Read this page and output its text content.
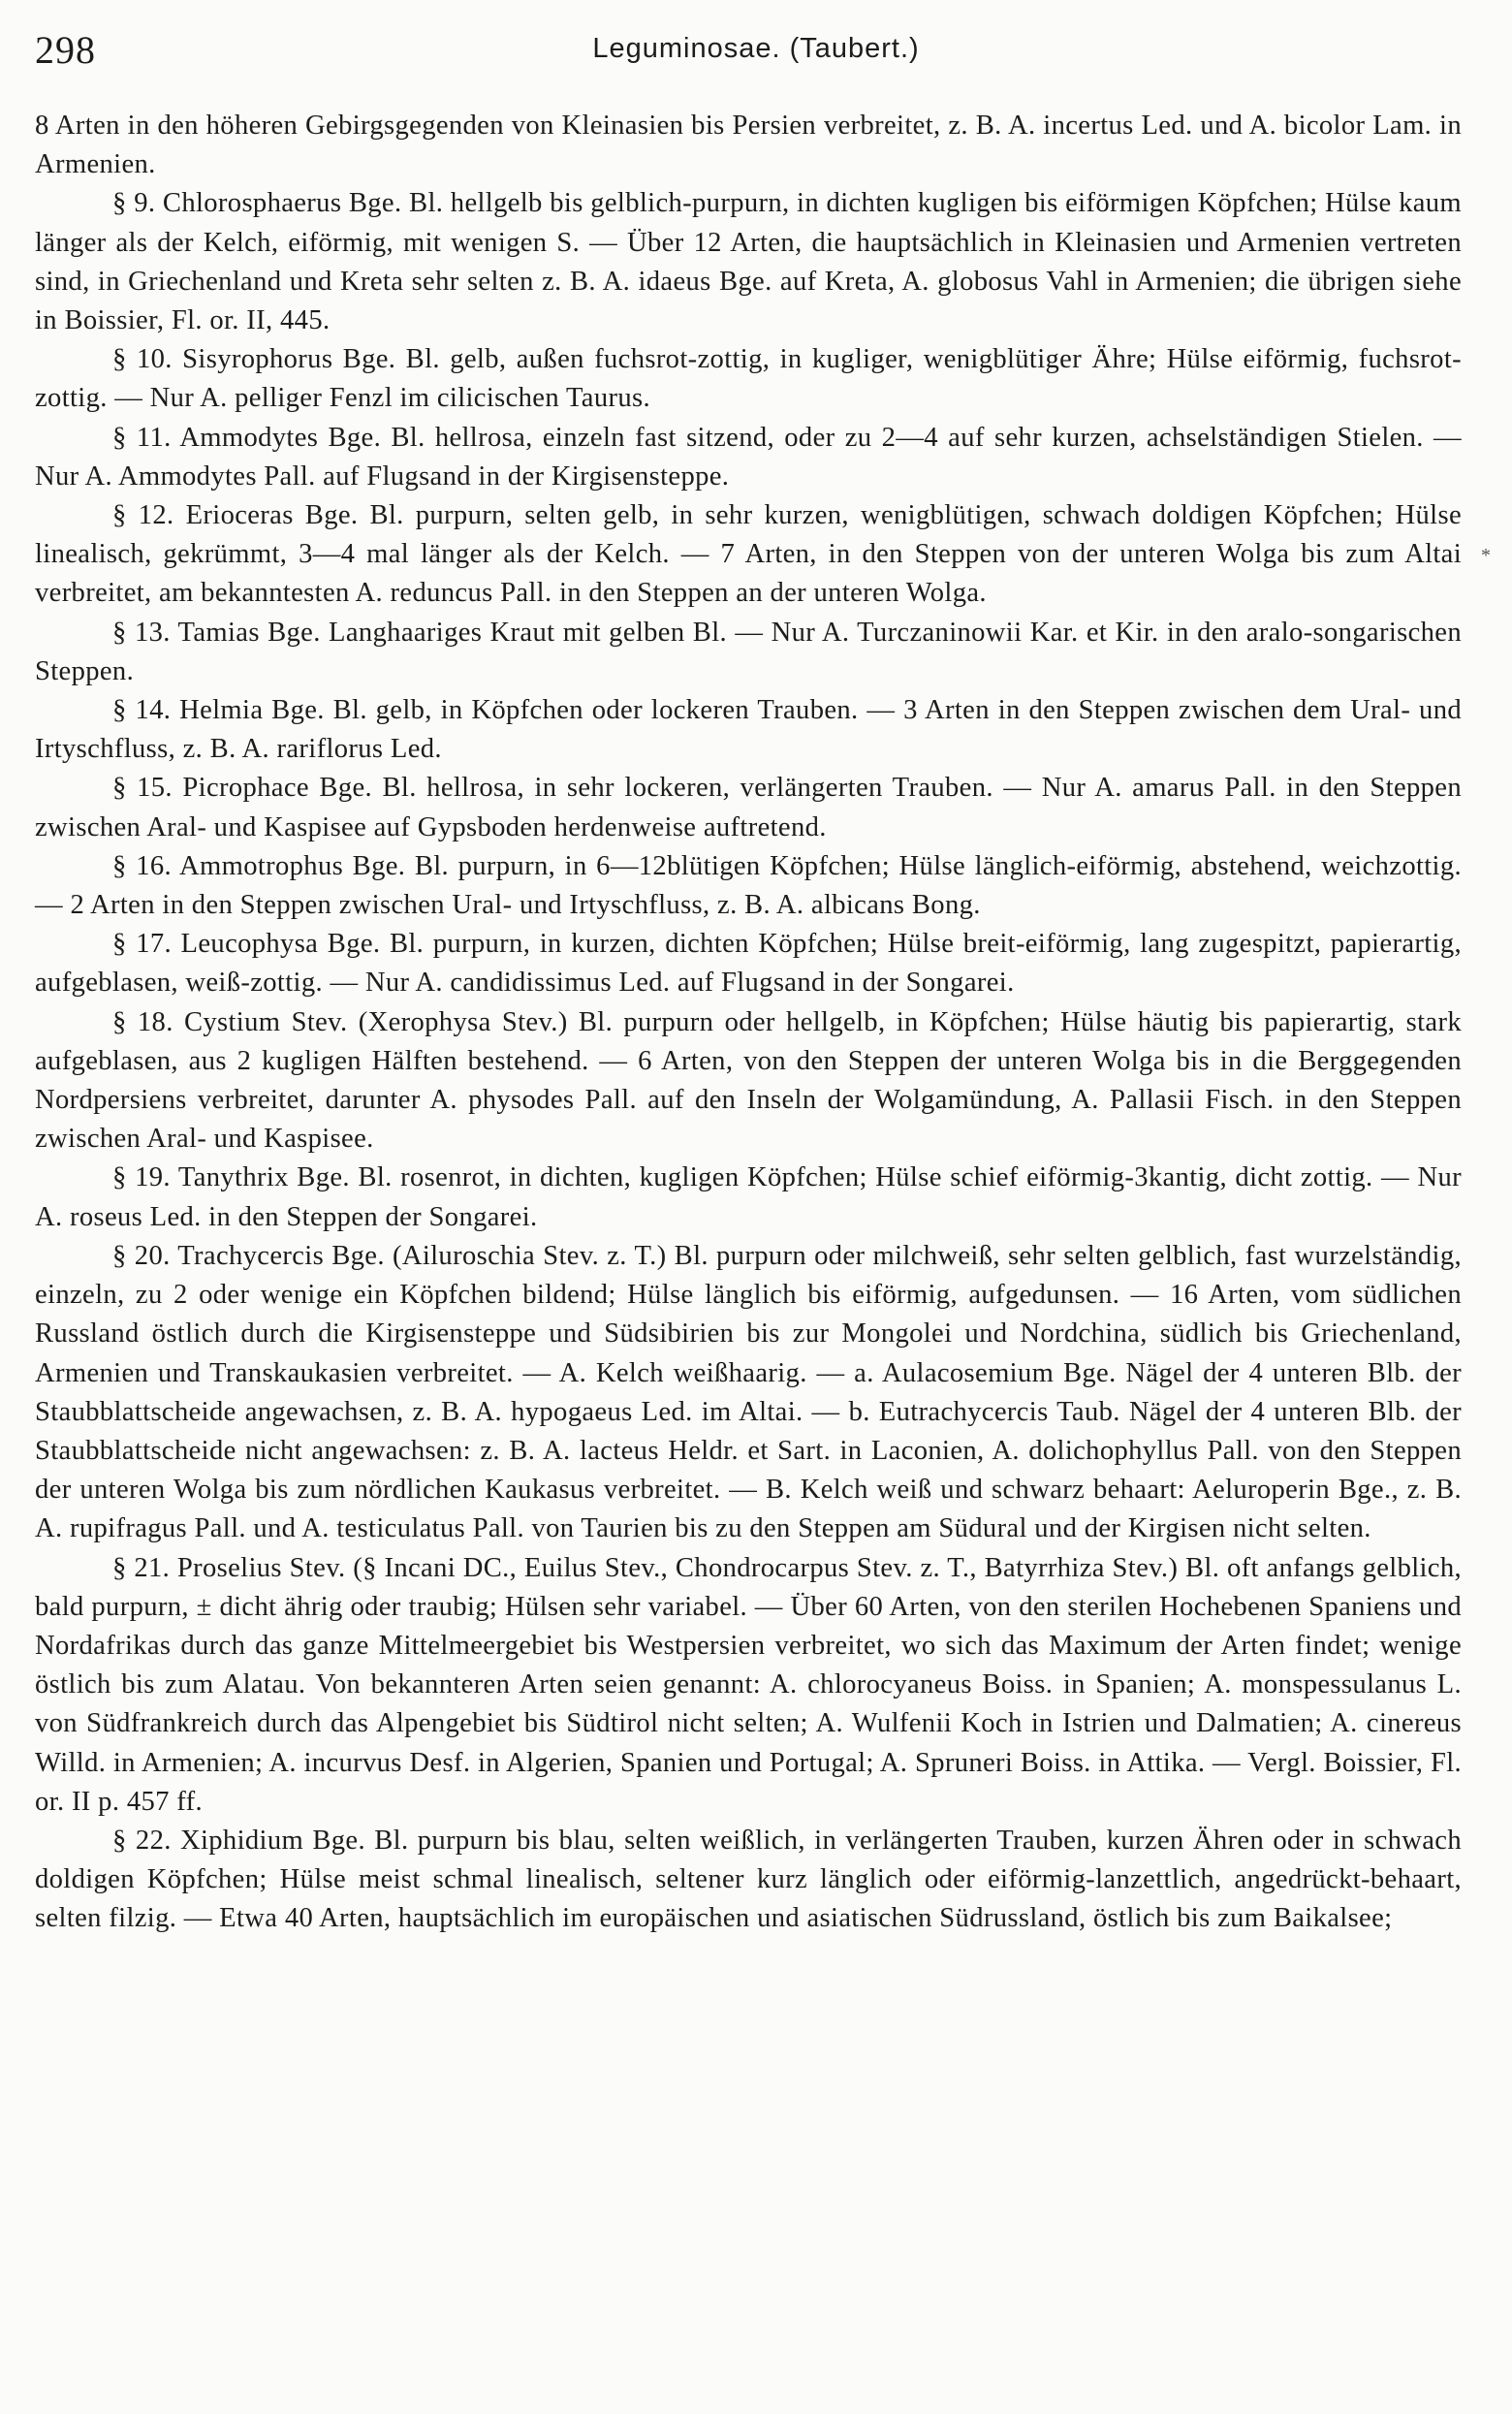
298	Leguminosae. (Taubert.)
*

8 Arten in den höheren Gebirgsgegenden von Kleinasien bis Persien verbreitet, z. B. A. incertus Led. und A. bicolor Lam. in Armenien.

§ 9. Chlorosphaerus Bge. Bl. hellgelb bis gelblich-purpurn, in dichten kugligen bis eiförmigen Köpfchen; Hülse kaum länger als der Kelch, eiförmig, mit wenigen S. — Über 12 Arten, die hauptsächlich in Kleinasien und Armenien vertreten sind, in Griechenland und Kreta sehr selten z. B. A. idaeus Bge. auf Kreta, A. globosus Vahl in Armenien; die übrigen siehe in Boissier, Fl. or. II, 445.

§ 10. Sisyrophorus Bge. Bl. gelb, außen fuchsrot-zottig, in kugliger, wenigblütiger Ähre; Hülse eiförmig, fuchsrot-zottig. — Nur A. pelliger Fenzl im cilicischen Taurus.

§ 11. Ammodytes Bge. Bl. hellrosa, einzeln fast sitzend, oder zu 2—4 auf sehr kurzen, achselständigen Stielen. — Nur A. Ammodytes Pall. auf Flugsand in der Kirgisensteppe.

§ 12. Erioceras Bge. Bl. purpurn, selten gelb, in sehr kurzen, wenigblütigen, schwach doldigen Köpfchen; Hülse linealisch, gekrümmt, 3—4 mal länger als der Kelch. — 7 Arten, in den Steppen von der unteren Wolga bis zum Altai verbreitet, am bekanntesten A. reduncus Pall. in den Steppen an der unteren Wolga.

§ 13. Tamias Bge. Langhaariges Kraut mit gelben Bl. — Nur A. Turczaninowii Kar. et Kir. in den aralo-songarischen Steppen.

§ 14. Helmia Bge. Bl. gelb, in Köpfchen oder lockeren Trauben. — 3 Arten in den Steppen zwischen dem Ural- und Irtyschfluss, z. B. A. rariflorus Led.

§ 15. Picrophace Bge. Bl. hellrosa, in sehr lockeren, verlängerten Trauben. — Nur A. amarus Pall. in den Steppen zwischen Aral- und Kaspisee auf Gypsboden herdenweise auftretend.

§ 16. Ammotrophus Bge. Bl. purpurn, in 6—12blütigen Köpfchen; Hülse länglich-eiförmig, abstehend, weichzottig. — 2 Arten in den Steppen zwischen Ural- und Irtyschfluss, z. B. A. albicans Bong.

§ 17. Leucophysa Bge. Bl. purpurn, in kurzen, dichten Köpfchen; Hülse breit-eiförmig, lang zugespitzt, papierartig, aufgeblasen, weiß-zottig. — Nur A. candidissimus Led. auf Flugsand in der Songarei.

§ 18. Cystium Stev. (Xerophysa Stev.) Bl. purpurn oder hellgelb, in Köpfchen; Hülse häutig bis papierartig, stark aufgeblasen, aus 2 kugligen Hälften bestehend. — 6 Arten, von den Steppen der unteren Wolga bis in die Berggegenden Nordpersiens verbreitet, darunter A. physodes Pall. auf den Inseln der Wolgamündung, A. Pallasii Fisch. in den Steppen zwischen Aral- und Kaspisee.

§ 19. Tanythrix Bge. Bl. rosenrot, in dichten, kugligen Köpfchen; Hülse schief eiförmig-3kantig, dicht zottig. — Nur A. roseus Led. in den Steppen der Songarei.

§ 20. Trachycercis Bge. (Ailuroschia Stev. z. T.) Bl. purpurn oder milchweiß, sehr selten gelblich, fast wurzelständig, einzeln, zu 2 oder wenige ein Köpfchen bildend; Hülse länglich bis eiförmig, aufgedunsen. — 16 Arten, vom südlichen Russland östlich durch die Kirgisensteppe und Südsibirien bis zur Mongolei und Nordchina, südlich bis Griechenland, Armenien und Transkaukasien verbreitet. — A. Kelch weißhaarig. — a. Aulacosemium Bge. Nägel der 4 unteren Blb. der Staubblattscheide angewachsen, z. B. A. hypogaeus Led. im Altai. — b. Eutrachycercis Taub. Nägel der 4 unteren Blb. der Staubblattscheide nicht angewachsen: z. B. A. lacteus Heldr. et Sart. in Laconien, A. dolichophyllus Pall. von den Steppen der unteren Wolga bis zum nördlichen Kaukasus verbreitet. — B. Kelch weiß und schwarz behaart: Aeluroperin Bge., z. B. A. rupifragus Pall. und A. testiculatus Pall. von Taurien bis zu den Steppen am Südural und der Kirgisen nicht selten.

§ 21. Proselius Stev. (§ Incani DC., Euilus Stev., Chondrocarpus Stev. z. T., Batyrrhiza Stev.) Bl. oft anfangs gelblich, bald purpurn, ± dicht ährig oder traubig; Hülsen sehr variabel. — Über 60 Arten, von den sterilen Hochebenen Spaniens und Nordafrikas durch das ganze Mittelmeergebiet bis Westpersien verbreitet, wo sich das Maximum der Arten findet; wenige östlich bis zum Alatau. Von bekannteren Arten seien genannt: A. chlorocyaneus Boiss. in Spanien; A. monspessulanus L. von Südfrankreich durch das Alpengebiet bis Südtirol nicht selten; A. Wulfenii Koch in Istrien und Dalmatien; A. cinereus Willd. in Armenien; A. incurvus Desf. in Algerien, Spanien und Portugal; A. Spruneri Boiss. in Attika. — Vergl. Boissier, Fl. or. II p. 457 ff.

§ 22. Xiphidium Bge. Bl. purpurn bis blau, selten weißlich, in verlängerten Trauben, kurzen Ähren oder in schwach doldigen Köpfchen; Hülse meist schmal linealisch, seltener kurz länglich oder eiförmig-lanzettlich, angedrückt-behaart, selten filzig. — Etwa 40 Arten, hauptsächlich im europäischen und asiatischen Südrussland, östlich bis zum Baikalsee;
